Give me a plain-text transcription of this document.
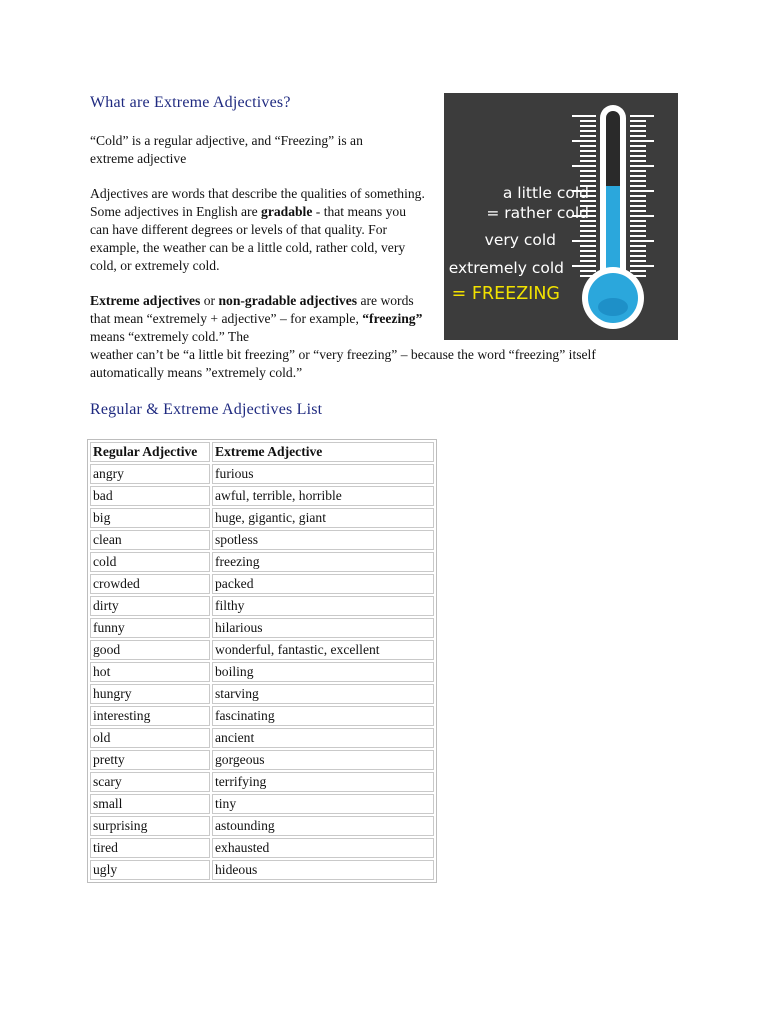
What are Extreme Adjectives?

“Cold” is a regular adjective, and “Freezing” is an extreme adjective

Adjectives are words that describe the qualities of something. Some adjectives in English are gradable - that means you can have different degrees or levels of that quality. For example, the weather can be a little cold, rather cold, very cold, or extremely cold.

Extreme adjectives or non-gradable adjectives are words that mean “extremely + adjective” – for example, “freezing” means “extremely cold.” The
weather can’t be “a little bit freezing” or “very freezing” – because the word “freezing” itself automatically means ”extremely cold.”

a little cold
= rather cold
very cold
extremely cold
= FREEZING
Regular & Extreme Adjectives List
Regular Adjective	Extreme Adjective
angry	furious
bad	awful, terrible, horrible
big	huge, gigantic, giant
clean	spotless
cold	freezing
crowded	packed
dirty	filthy
funny	hilarious
good	wonderful, fantastic, excellent
hot	boiling
hungry	starving
interesting	fascinating
old	ancient
pretty	gorgeous
scary	terrifying
small	tiny
surprising	astounding
tired	exhausted
ugly	hideous
